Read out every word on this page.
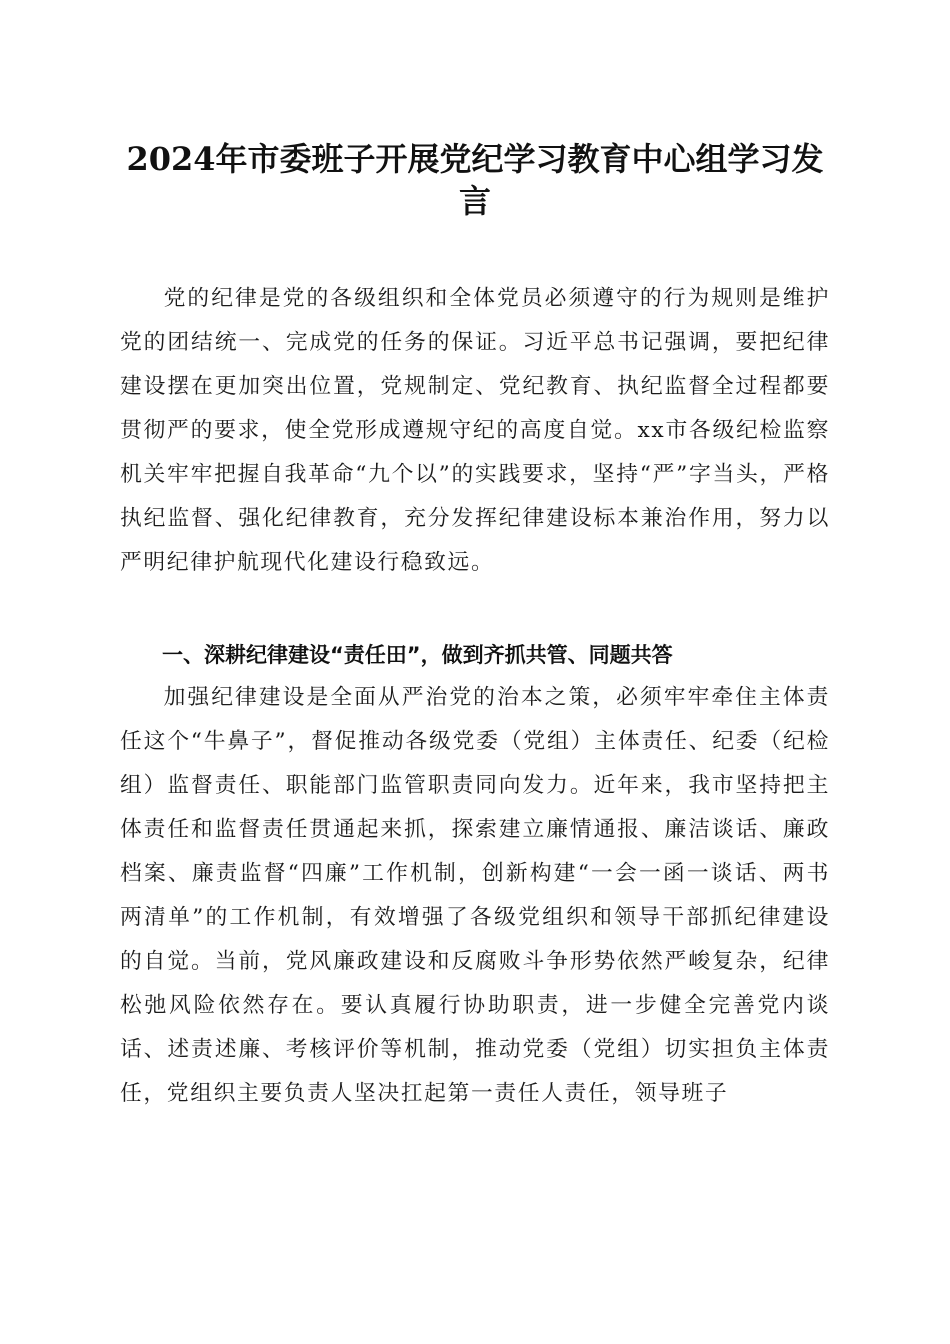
2024年市委班子开展党纪学习教育中心组学习发言

党的纪律是党的各级组织和全体党员必须遵守的行为规则是维护党的团结统一、完成党的任务的保证。习近平总书记强调，要把纪律建设摆在更加突出位置，党规制定、党纪教育、执纪监督全过程都要贯彻严的要求，使全党形成遵规守纪的高度自觉。xx市各级纪检监察机关牢牢把握自我革命“九个以”的实践要求，坚持“严”字当头，严格执纪监督、强化纪律教育，充分发挥纪律建设标本兼治作用，努力以严明纪律护航现代化建设行稳致远。

一、深耕纪律建设“责任田”，做到齐抓共管、同题共答

加强纪律建设是全面从严治党的治本之策，必须牢牢牵住主体责任这个“牛鼻子”，督促推动各级党委（党组）主体责任、纪委（纪检组）监督责任、职能部门监管职责同向发力。近年来，我市坚持把主体责任和监督责任贯通起来抓，探索建立廉情通报、廉洁谈话、廉政档案、廉责监督“四廉”工作机制，创新构建“一会一函一谈话、两书两清单”的工作机制，有效增强了各级党组织和领导干部抓纪律建设的自觉。当前，党风廉政建设和反腐败斗争形势依然严峻复杂，纪律松弛风险依然存在。要认真履行协助职责，进一步健全完善党内谈话、述责述廉、考核评价等机制，推动党委（党组）切实担负主体责任，党组织主要负责人坚决扛起第一责任人责任，领导班子
